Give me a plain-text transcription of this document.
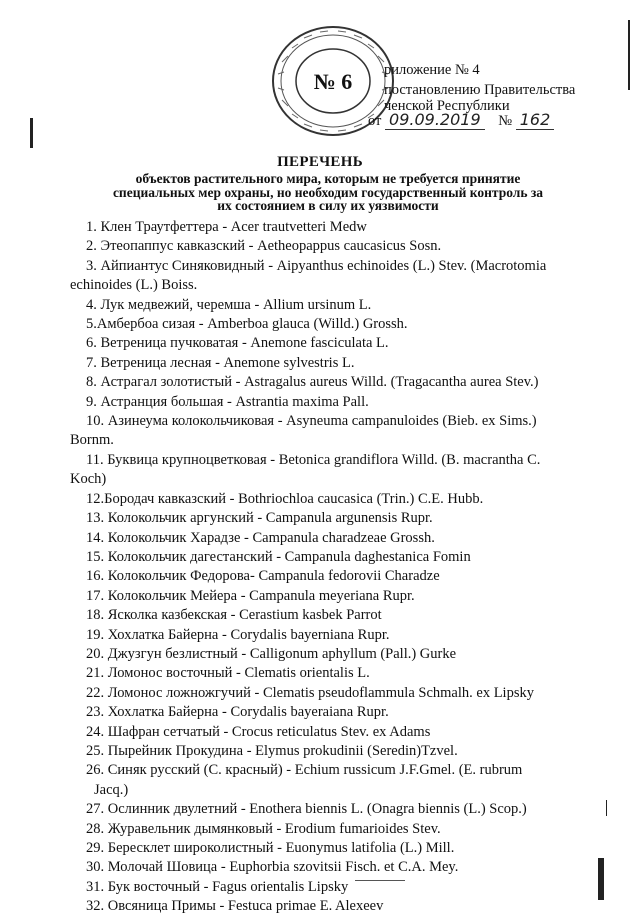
№ 6 риложение № 4
постановлению Правительства
ченской Республики
от 09.09.2019 № 162
ПЕРЕЧЕНЬ
объектов растительного мира, которым не требуется принятие специальных мер охраны, но необходим государственный контроль за их состоянием в силу их уязвимости
1. Клен Траутфеттера - Acer trautvetteri Medw
2. Этеопаппус кавказский - Aetheopappus caucasicus Sosn.
3. Айпиантус Синяковидный - Aipyanthus echinoides (L.) Stev. (Macrotomia
echinoides (L.) Boiss.
4. Лук медвежий, черемша - Allium ursinum L.
5.Амбербоа сизая - Amberboa glauca (Willd.) Grossh.
6. Ветреница пучковатая - Anemone fasciculata L.
7. Ветреница лесная - Anemone sylvestris L.
8. Астрагал золотистый - Astragalus aureus Willd. (Tragacantha aurea Stev.)
9. Астранция большая - Astrantia maxima Pall.
10. Азинеума колокольчиковая - Asyneuma campanuloides (Bieb. ex Sims.)
Bornm.
11. Буквица крупноцветковая - Betonica grandiflora Willd. (B. macrantha C.
Koch)
12.Бородач кавказский - Bothriochloa caucasica (Trin.) C.E. Hubb.
13. Колокольчик аргунский - Campanula argunensis Rupr.
14. Колокольчик Харадзе - Campanula charadzeae Grossh.
15. Колокольчик дагестанский - Campanula daghestanica Fomin
16. Колокольчик Федорова- Campanula fedorovii Charadze
17. Колокольчик Мейера - Campanula meyeriana Rupr.
18. Ясколка казбекская - Cerastium kasbek Parrot
19. Хохлатка Байерна - Corydalis bayerniana Rupr.
20. Джузгун безлистный - Calligonum aphyllum (Pall.) Gurke
21. Ломонос восточный - Clematis orientalis L.
22. Ломонос ложножгучий - Clematis pseudoflammula Schmalh. ex Lipsky
23. Хохлатка Байерна - Corydalis bayeraiana Rupr.
24. Шафран сетчатый - Crocus reticulatus Stev. ex Adams
25. Пырейник Прокудина - Elymus prokudinii (Seredin)Tzvel.
26. Синяк русский (С. красный) - Echium russicum J.F.Gmel. (E. rubrum
Jacq.)
27. Ослинник двулетний - Enothera biennis L. (Onagra biennis (L.) Scop.)
28. Журавельник дымянковый - Erodium fumarioides Stev.
29. Бересклет широколистный - Euonymus latifolia (L.) Mill.
30. Молочай Шовица - Euphorbia szovitsii Fisch. et C.A. Mey.
31. Бук восточный - Fagus orientalis Lipsky
32. Овсяница Примы - Festuca primae E. Alexeev
